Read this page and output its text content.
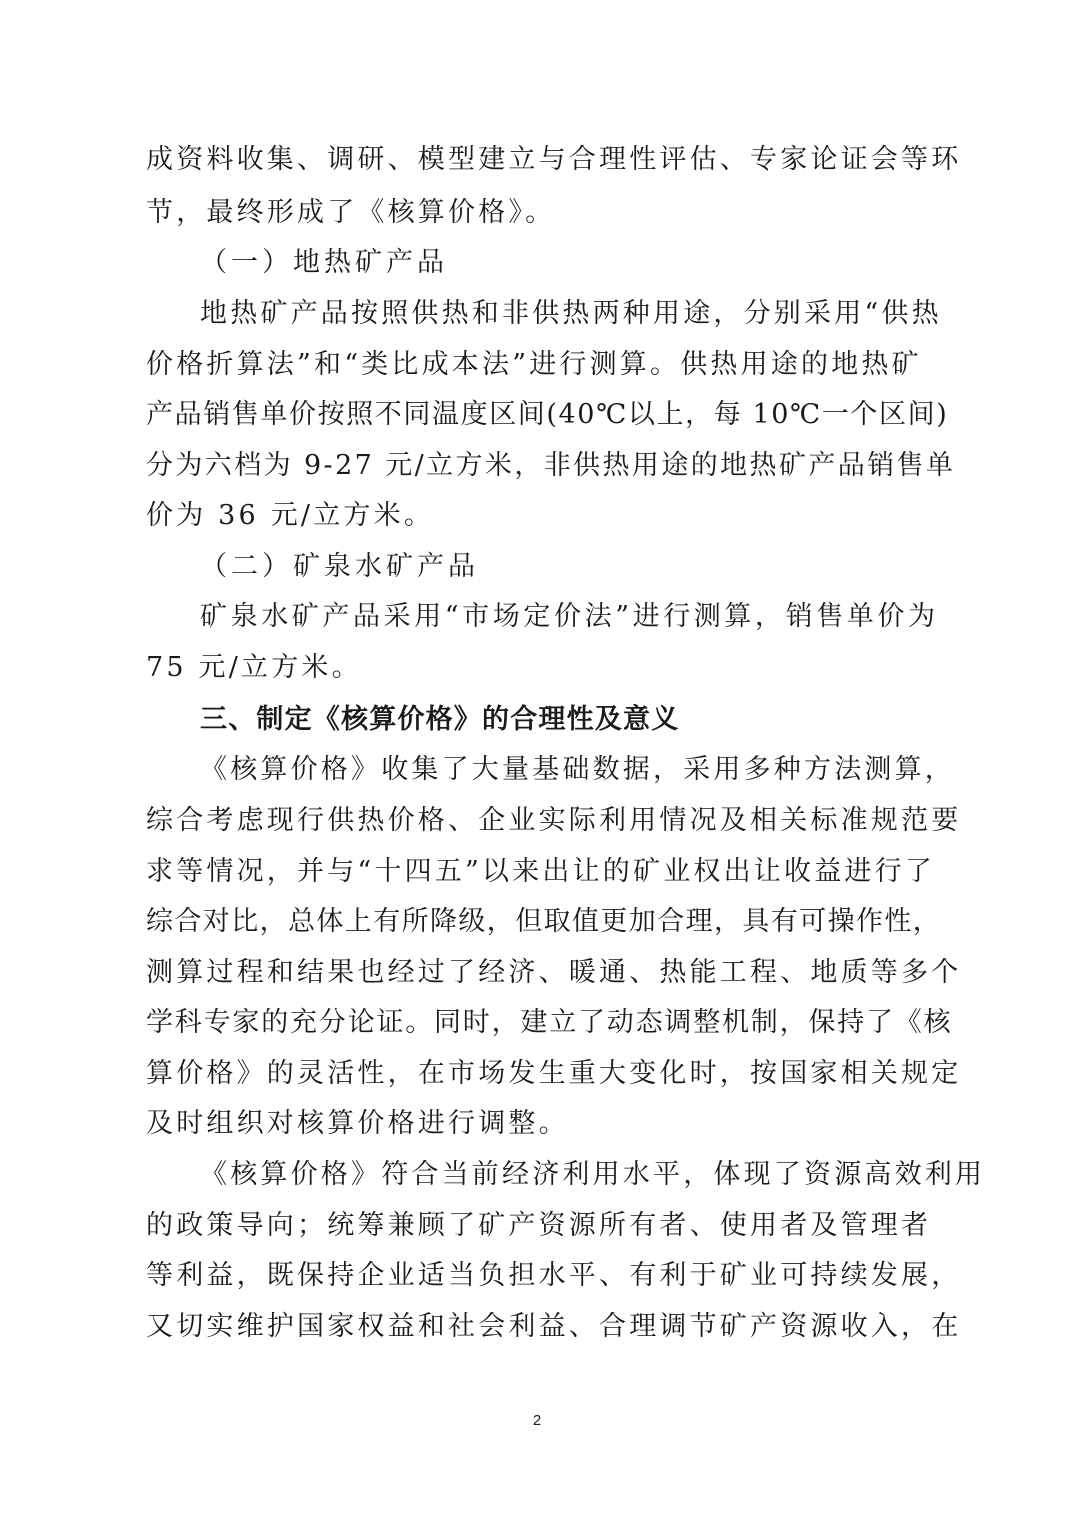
成资料收集、调研、模型建立与合理性评估、专家论证会等环
节，最终形成了《核算价格》。
（一）地热矿产品
地热矿产品按照供热和非供热两种用途，分别采用“供热
价格折算法”和“类比成本法”进行测算。供热用途的地热矿
产品销售单价按照不同温度区间(40℃以上，每 10℃一个区间)
分为六档为 9-27 元/立方米，非供热用途的地热矿产品销售单
价为 36 元/立方米。
（二）矿泉水矿产品
矿泉水矿产品采用“市场定价法”进行测算，销售单价为
75 元/立方米。
三、制定《核算价格》的合理性及意义
《核算价格》收集了大量基础数据，采用多种方法测算，
综合考虑现行供热价格、企业实际利用情况及相关标准规范要
求等情况，并与“十四五”以来出让的矿业权出让收益进行了
综合对比，总体上有所降级，但取值更加合理，具有可操作性，
测算过程和结果也经过了经济、暖通、热能工程、地质等多个
学科专家的充分论证。同时，建立了动态调整机制，保持了《核
算价格》的灵活性，在市场发生重大变化时，按国家相关规定
及时组织对核算价格进行调整。
《核算价格》符合当前经济利用水平，体现了资源高效利用
的政策导向；统筹兼顾了矿产资源所有者、使用者及管理者
等利益，既保持企业适当负担水平、有利于矿业可持续发展，
又切实维护国家权益和社会利益、合理调节矿产资源收入，在
2
